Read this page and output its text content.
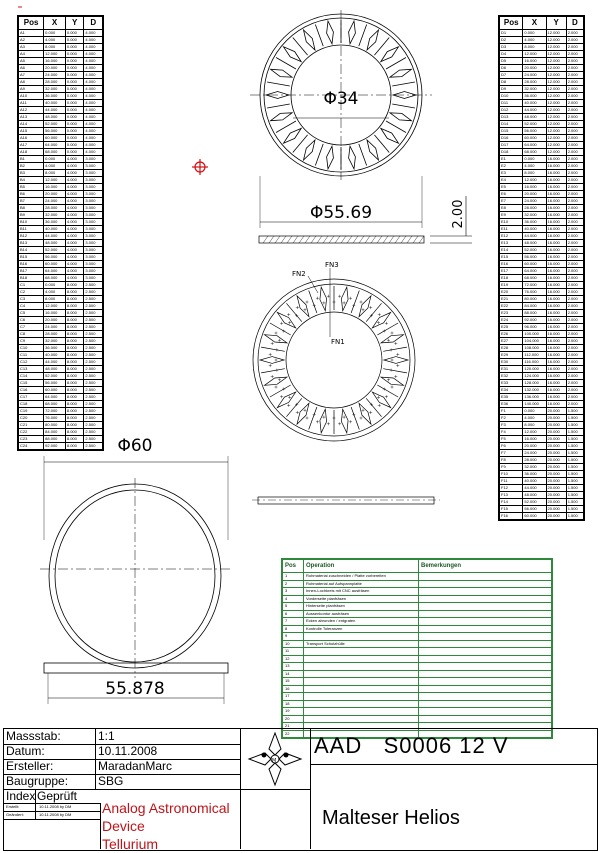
Pos	X	Y	D
A1	0.000	0.000	4.000
A2	4.000	0.000	4.000
A3	8.000	0.000	4.000
A4	12.000	0.000	4.000
A5	16.000	0.000	4.000
A6	20.000	0.000	4.000
A7	24.000	0.000	4.000
A8	28.000	0.000	4.000
A9	32.000	0.000	4.000
A10	36.000	0.000	4.000
A11	40.000	0.000	4.000
A12	44.000	0.000	4.000
A13	48.000	0.000	4.000
A14	52.000	0.000	4.000
A15	56.000	0.000	4.000
A16	60.000	0.000	4.000
A17	64.000	0.000	4.000
A18	68.000	0.000	4.000
B1	0.000	4.000	3.000
B2	4.000	4.000	3.000
B3	8.000	4.000	3.000
B4	12.000	4.000	3.000
B5	16.000	4.000	3.000
B6	20.000	4.000	3.000
B7	24.000	4.000	3.000
B8	28.000	4.000	3.000
B9	32.000	4.000	3.000
B10	36.000	4.000	3.000
B11	40.000	4.000	3.000
B12	44.000	4.000	3.000
B13	48.000	4.000	3.000
B14	52.000	4.000	3.000
B15	56.000	4.000	3.000
B16	60.000	4.000	3.000
B17	64.000	4.000	3.000
B18	68.000	4.000	3.000
C1	0.000	8.000	2.500
C2	4.000	8.000	2.500
C3	8.000	8.000	2.500
C4	12.000	8.000	2.500
C5	16.000	8.000	2.500
C6	20.000	8.000	2.500
C7	24.000	8.000	2.500
C8	28.000	8.000	2.500
C9	32.000	8.000	2.500
C10	36.000	8.000	2.500
C11	40.000	8.000	2.500
C12	44.000	8.000	2.500
C13	48.000	8.000	2.500
C14	52.000	8.000	2.500
C15	56.000	8.000	2.500
C16	60.000	8.000	2.500
C17	64.000	8.000	2.500
C18	68.000	8.000	2.500
C19	72.000	8.000	2.500
C20	76.000	8.000	2.500
C21	80.000	8.000	2.500
C22	84.000	8.000	2.500
C23	88.000	8.000	2.500
C24	92.000	8.000	2.500
Pos	X	Y	D
D1	0.000	12.000	2.000
D2	4.000	12.000	2.000
D3	8.000	12.000	2.000
D4	12.000	12.000	2.000
D5	16.000	12.000	2.000
D6	20.000	12.000	2.000
D7	24.000	12.000	2.000
D8	28.000	12.000	2.000
D9	32.000	12.000	2.000
D10	36.000	12.000	2.000
D11	40.000	12.000	2.000
D12	44.000	12.000	2.000
D13	48.000	12.000	2.000
D14	52.000	12.000	2.000
D15	56.000	12.000	2.000
D16	60.000	12.000	2.000
D17	64.000	12.000	2.000
D18	68.000	12.000	2.000
E1	0.000	16.000	2.000
E2	4.000	16.000	2.000
E3	8.000	16.000	2.000
E4	12.000	16.000	2.000
E5	16.000	16.000	2.000
E6	20.000	16.000	2.000
E7	24.000	16.000	2.000
E8	28.000	16.000	2.000
E9	32.000	16.000	2.000
E10	36.000	16.000	2.000
E11	40.000	16.000	2.000
E12	44.000	16.000	2.000
E13	48.000	16.000	2.000
E14	52.000	16.000	2.000
E15	56.000	16.000	2.000
E16	60.000	16.000	2.000
E17	64.000	16.000	2.000
E18	68.000	16.000	2.000
E19	72.000	16.000	2.000
E20	76.000	16.000	2.000
E21	80.000	16.000	2.000
E22	84.000	16.000	2.000
E23	88.000	16.000	2.000
E24	92.000	16.000	2.000
E25	96.000	16.000	2.000
E26	100.000	16.000	2.000
E27	104.000	16.000	2.000
E28	108.000	16.000	2.000
E29	112.000	16.000	2.000
E30	116.000	16.000	2.000
E31	120.000	16.000	2.000
E32	124.000	16.000	2.000
E33	128.000	16.000	2.000
E34	132.000	16.000	2.000
E35	136.000	16.000	2.000
E36	140.000	16.000	2.000
F1	0.000	20.000	1.500
F2	4.000	20.000	1.500
F3	8.000	20.000	1.500
F4	12.000	20.000	1.500
F5	16.000	20.000	1.500
F6	20.000	20.000	1.500
F7	24.000	20.000	1.500
F8	28.000	20.000	1.500
F9	32.000	20.000	1.500
F10	36.000	20.000	1.500
F11	40.000	20.000	1.500
F12	44.000	20.000	1.500
F13	48.000	20.000	1.500
F14	52.000	20.000	1.500
F15	56.000	20.000	1.500
F16	60.000	20.000	1.500
Φ34
Φ55.69	2.00
FN3
FN2
FN1
Φ60
55.878
Pos	Operation	Bemerkungen
1	Rohmaterial zuschneiden / Platte vorbereiten	
2	Rohmaterial auf Aufspannplatte	
3	Innen-Lochkreis mit CNC ausfräsen	
4	Vorderseite planfräsen	
5	Hinterseite planfräsen	
6	Aussenkontur ausfräsen	
7	Ecken abrunden / entgraten	
8	Kontrolle Toleranzen	
9		
10	Transport Schutzhülle	
11		
12		
13		
14		
15		
16		
17		
18		
19		
20		
21		
22		
Massstab:	1:1
Datum:	10.11.2008
Ersteller:	MaradanMarc
Baugruppe: SBG
Index Geprüft
Erstellt:	10.11.2008 by DM
Geändert:	10.11.2008 by DM Analog Astronomical Device
Tellurium
M
AAD   S0006 12 V
Malteser Helios
